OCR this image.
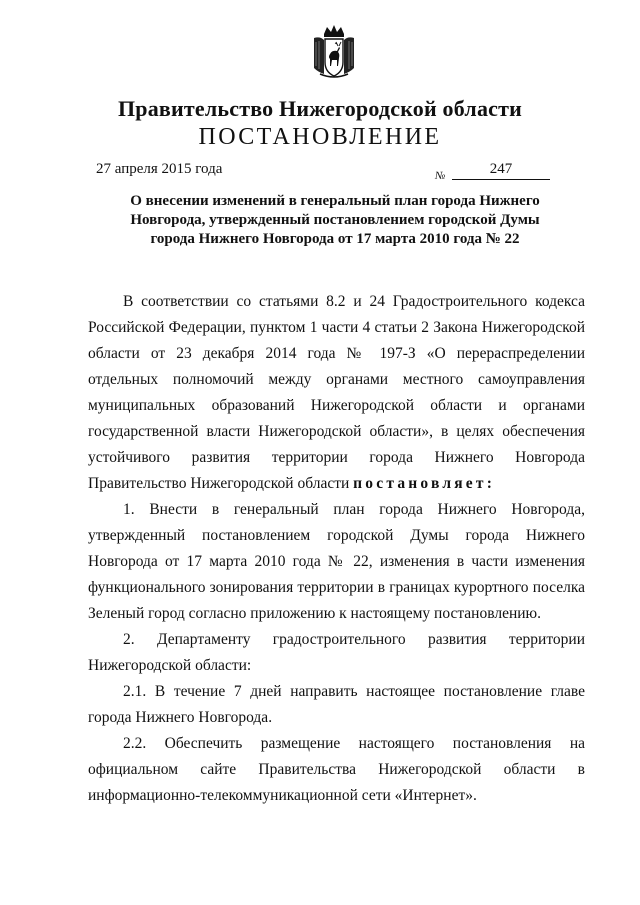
Правительство Нижегородской области
ПОСТАНОВЛЕНИЕ
27 апреля 2015 года	№	247
О внесении изменений в генеральный план города Нижнего
Новгорода, утвержденный постановлением городской Думы
города Нижнего Новгорода от 17 марта 2010 года № 22

В соответствии со статьями 8.2 и 24 Градостроительного кодекса Российской Федерации, пунктом 1 части 4 статьи 2 Закона Нижегородской области от 23 декабря 2014 года № 197-З «О перераспределении отдельных полномочий между органами местного самоуправления муниципальных образований Нижегородской области и органами государственной власти Нижегородской области», в целях обеспечения устойчивого развития территории города Нижнего Новгорода Правительство Нижегородской области постановляет:

1. Внести в генеральный план города Нижнего Новгорода, утвержденный постановлением городской Думы города Нижнего Новгорода от 17 марта 2010 года № 22, изменения в части изменения функционального зонирования территории в границах курортного поселка Зеленый город согласно приложению к настоящему постановлению.

2. Департаменту градостроительного развития территории Нижегородской области:

2.1. В течение 7 дней направить настоящее постановление главе города Нижнего Новгорода.

2.2. Обеспечить размещение настоящего постановления на официальном сайте Правительства Нижегородской области в информационно-телекоммуникационной сети «Интернет».
